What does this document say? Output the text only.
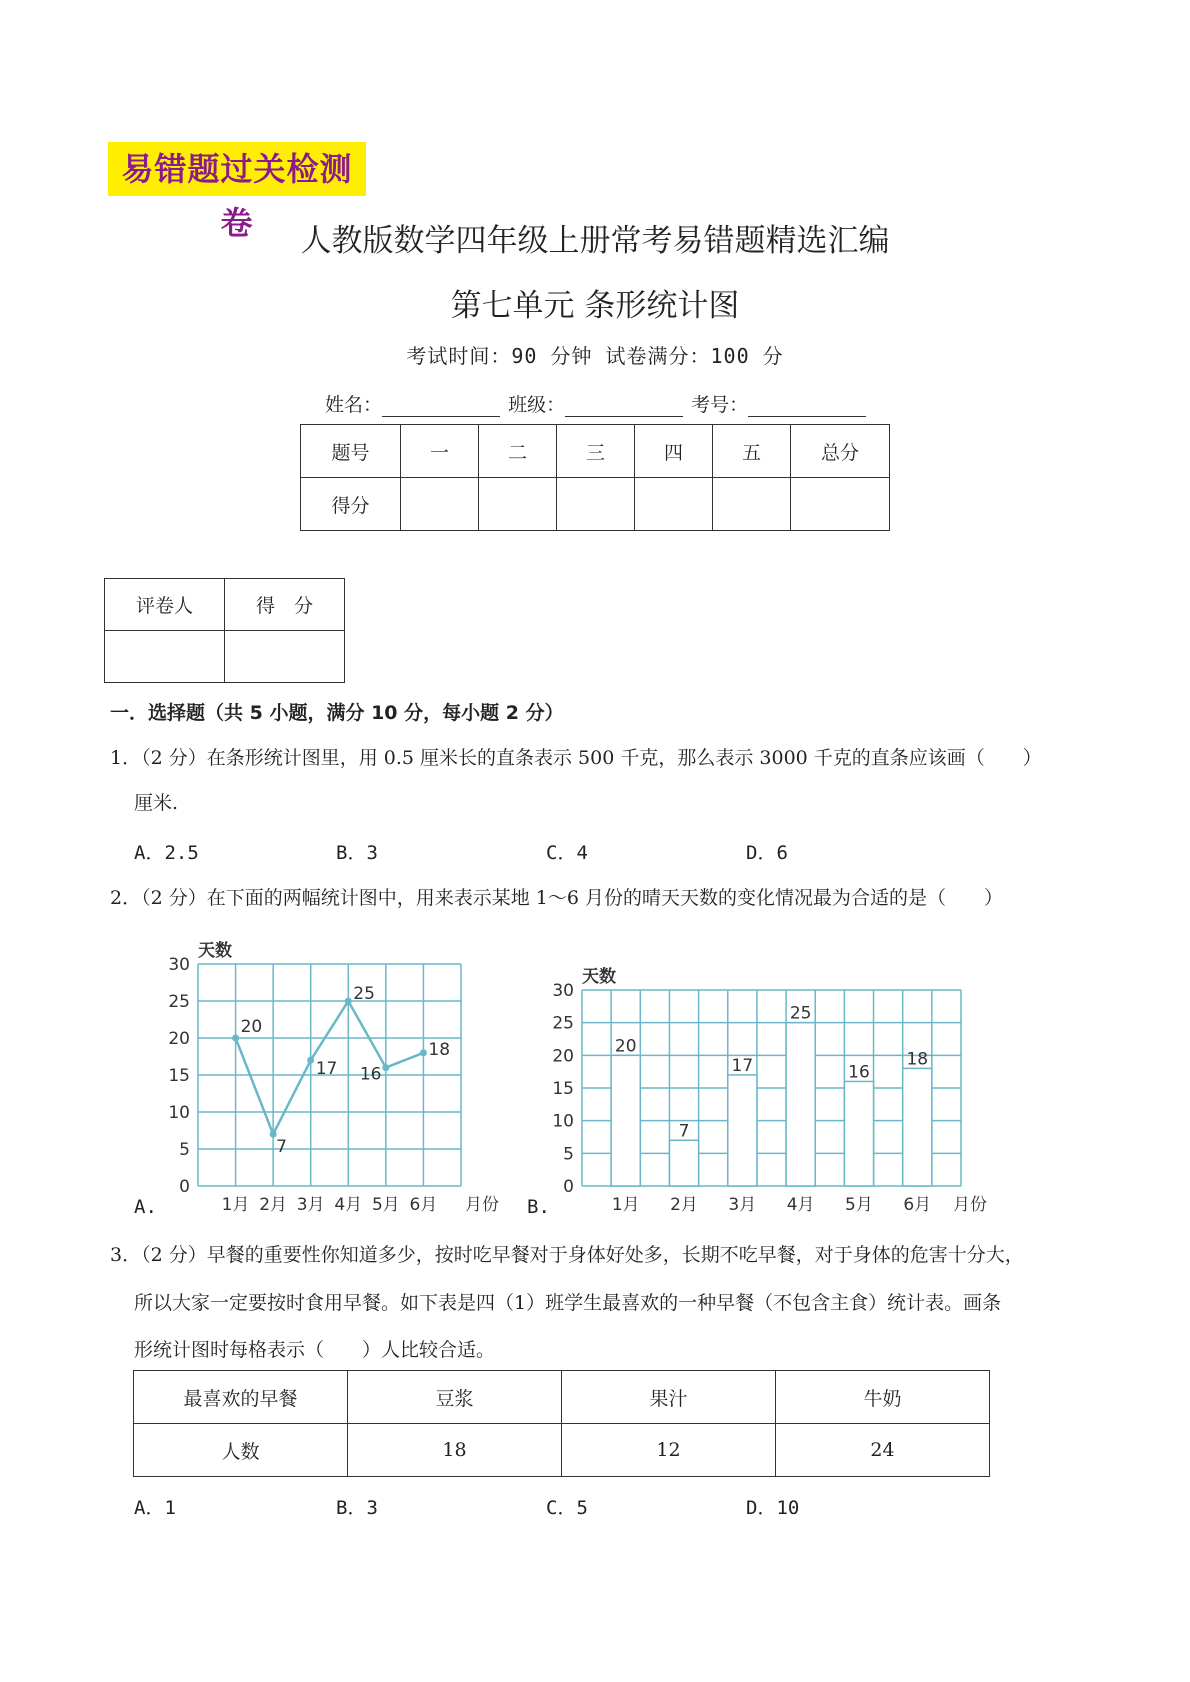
易错题过关检测卷	人教版数学四年级上册常考易错题精选汇编
第七单元 条形统计图
考试时间：90 分钟 试卷满分：100 分
姓名：	班级：	考号：
题号	一	二	三	四	五	总分
得分						
评卷人	得　分

一．选择题（共 5 小题，满分 10 分，每小题 2 分）
1．（2 分）在条形统计图里，用 0.5 厘米长的直条表示 500 千克，那么表示 3000 千克的直条应该画（　　）
厘米.
A．2.5	B．3	C．4	D．6
2．（2 分）在下面的两幅统计图中，用来表示某地 1～6 月份的晴天天数的变化情况最为合适的是（　　）
0
5
10
15
20
25
30
天数
1月 2月 3月 4月 5月 6月 月份
20
7
17
25
16
18
A.
0
5
10
15
20
25
30
天数
20
1月
7
2月
17
3月
25
4月
16
5月
18
6月 月份
B.
3．（2 分）早餐的重要性你知道多少，按时吃早餐对于身体好处多，长期不吃早餐，对于身体的危害十分大，
所以大家一定要按时食用早餐。如下表是四（1）班学生最喜欢的一种早餐（不包含主食）统计表。画条
形统计图时每格表示（　　）人比较合适。
最喜欢的早餐	豆浆	果汁	牛奶
人数	18	12	24
A．1	B．3	C．5	D．10
